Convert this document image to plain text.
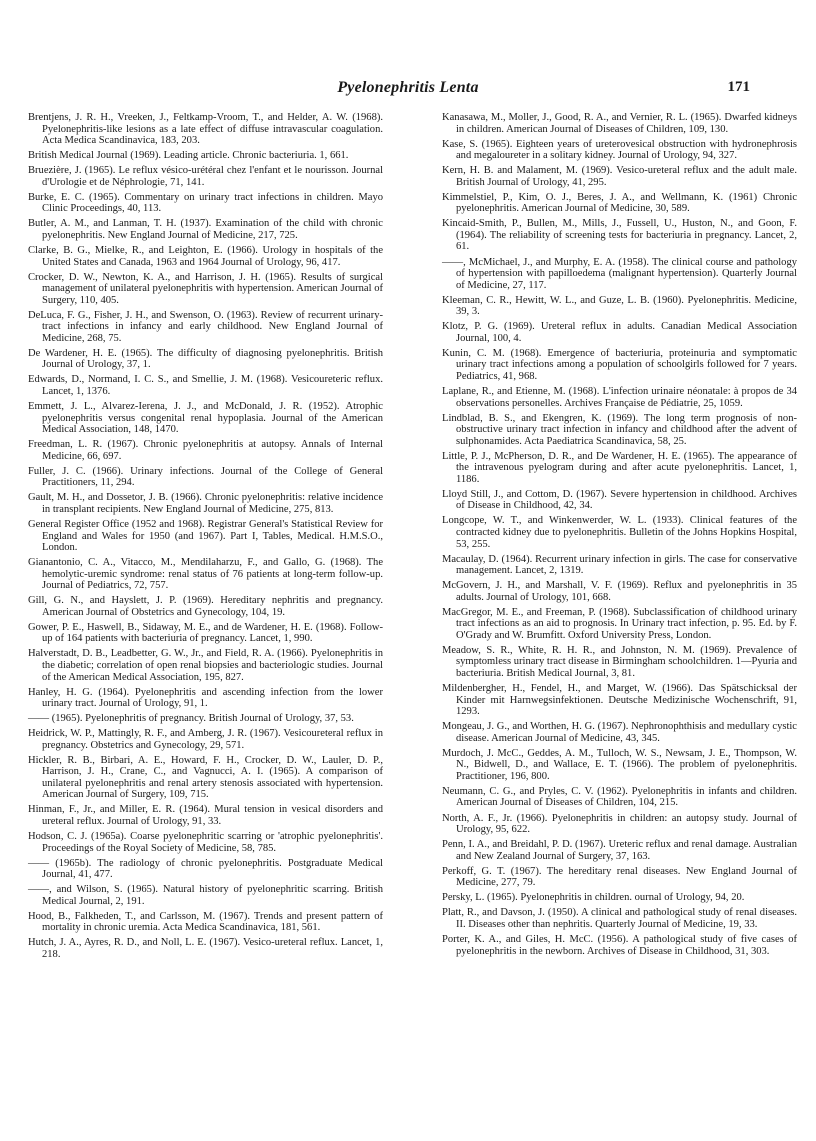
Pyelonephritis Lenta	171

Brentjens, J. R. H., Vreeken, J., Feltkamp-Vroom, T., and Helder, A. W. (1968). Pyelonephritis-like lesions as a late effect of diffuse intravascular coagulation. Acta Medica Scandinavica, 183, 203.

British Medical Journal (1969). Leading article. Chronic bacteriuria. 1, 661.

Bruezière, J. (1965). Le reflux vésico-urétéral chez l'enfant et le nourisson. Journal d'Urologie et de Néphrologie, 71, 141.

Burke, E. C. (1965). Commentary on urinary tract infections in children. Mayo Clinic Proceedings, 40, 113.

Butler, A. M., and Lanman, T. H. (1937). Examination of the child with chronic pyelonephritis. New England Journal of Medicine, 217, 725.

Clarke, B. G., Mielke, R., and Leighton, E. (1966). Urology in hospitals of the United States and Canada, 1963 and 1964 Journal of Urology, 96, 417.

Crocker, D. W., Newton, K. A., and Harrison, J. H. (1965). Results of surgical management of unilateral pyelonephritis with hypertension. American Journal of Surgery, 110, 405.

DeLuca, F. G., Fisher, J. H., and Swenson, O. (1963). Review of recurrent urinary-tract infections in infancy and early childhood. New England Journal of Medicine, 268, 75.

De Wardener, H. E. (1965). The difficulty of diagnosing pyelonephritis. British Journal of Urology, 37, 1.

Edwards, D., Normand, I. C. S., and Smellie, J. M. (1968). Vesicoureteric reflux. Lancet, 1, 1376.

Emmett, J. L., Alvarez-Ierena, J. J., and McDonald, J. R. (1952). Atrophic pyelonephritis versus congenital renal hypoplasia. Journal of the American Medical Association, 148, 1470.

Freedman, L. R. (1967). Chronic pyelonephritis at autopsy. Annals of Internal Medicine, 66, 697.

Fuller, J. C. (1966). Urinary infections. Journal of the College of General Practitioners, 11, 294.

Gault, M. H., and Dossetor, J. B. (1966). Chronic pyelonephritis: relative incidence in transplant recipients. New England Journal of Medicine, 275, 813.

General Register Office (1952 and 1968). Registrar General's Statistical Review for England and Wales for 1950 (and 1967). Part I, Tables, Medical. H.M.S.O., London.

Gianantonio, C. A., Vitacco, M., Mendilaharzu, F., and Gallo, G. (1968). The hemolytic-uremic syndrome: renal status of 76 patients at long-term follow-up. Journal of Pediatrics, 72, 757.

Gill, G. N., and Hayslett, J. P. (1969). Hereditary nephritis and pregnancy. American Journal of Obstetrics and Gynecology, 104, 19.

Gower, P. E., Haswell, B., Sidaway, M. E., and de Wardener, H. E. (1968). Follow-up of 164 patients with bacteriuria of pregnancy. Lancet, 1, 990.

Halverstadt, D. B., Leadbetter, G. W., Jr., and Field, R. A. (1966). Pyelonephritis in the diabetic; correlation of open renal biopsies and bacteriologic studies. Journal of the American Medical Association, 195, 827.

Hanley, H. G. (1964). Pyelonephritis and ascending infection from the lower urinary tract. Journal of Urology, 91, 1.

—— (1965). Pyelonephritis of pregnancy. British Journal of Urology, 37, 53.

Heidrick, W. P., Mattingly, R. F., and Amberg, J. R. (1967). Vesicoureteral reflux in pregnancy. Obstetrics and Gynecology, 29, 571.

Hickler, R. B., Birbari, A. E., Howard, F. H., Crocker, D. W., Lauler, D. P., Harrison, J. H., Crane, C., and Vagnucci, A. I. (1965). A comparison of unilateral pyelonephritis and renal artery stenosis associated with hypertension. American Journal of Surgery, 109, 715.

Hinman, F., Jr., and Miller, E. R. (1964). Mural tension in vesical disorders and ureteral reflux. Journal of Urology, 91, 33.

Hodson, C. J. (1965a). Coarse pyelonephritic scarring or 'atrophic pyelonephritis'. Proceedings of the Royal Society of Medicine, 58, 785.

—— (1965b). The radiology of chronic pyelonephritis. Postgraduate Medical Journal, 41, 477.

——, and Wilson, S. (1965). Natural history of pyelonephritic scarring. British Medical Journal, 2, 191.

Hood, B., Falkheden, T., and Carlsson, M. (1967). Trends and present pattern of mortality in chronic uremia. Acta Medica Scandinavica, 181, 561.

Hutch, J. A., Ayres, R. D., and Noll, L. E. (1967). Vesico-ureteral reflux. Lancet, 1, 218.

Kanasawa, M., Moller, J., Good, R. A., and Vernier, R. L. (1965). Dwarfed kidneys in children. American Journal of Diseases of Children, 109, 130.

Kase, S. (1965). Eighteen years of ureterovesical obstruction with hydronephrosis and megaloureter in a solitary kidney. Journal of Urology, 94, 327.

Kern, H. B. and Malament, M. (1969). Vesico-ureteral reflux and the adult male. British Journal of Urology, 41, 295.

Kimmelstiel, P., Kim, O. J., Beres, J. A., and Wellmann, K. (1961) Chronic pyelonephritis. American Journal of Medicine, 30, 589.

Kincaid-Smith, P., Bullen, M., Mills, J., Fussell, U., Huston, N., and Goon, F. (1964). The reliability of screening tests for bacteriuria in pregnancy. Lancet, 2, 61.

——, McMichael, J., and Murphy, E. A. (1958). The clinical course and pathology of hypertension with papilloedema (malignant hypertension). Quarterly Journal of Medicine, 27, 117.

Kleeman, C. R., Hewitt, W. L., and Guze, L. B. (1960). Pyelonephritis. Medicine, 39, 3.

Klotz, P. G. (1969). Ureteral reflux in adults. Canadian Medical Association Journal, 100, 4.

Kunin, C. M. (1968). Emergence of bacteriuria, proteinuria and symptomatic urinary tract infections among a population of schoolgirls followed for 7 years. Pediatrics, 41, 968.

Laplane, R., and Etienne, M. (1968). L'infection urinaire néonatale: à propos de 34 observations personelles. Archives Française de Pédiatrie, 25, 1059.

Lindblad, B. S., and Ekengren, K. (1969). The long term prognosis of non-obstructive urinary tract infection in infancy and childhood after the advent of sulphonamides. Acta Paediatrica Scandinavica, 58, 25.

Little, P. J., McPherson, D. R., and De Wardener, H. E. (1965). The appearance of the intravenous pyelogram during and after acute pyelonephritis. Lancet, 1, 1186.

Lloyd Still, J., and Cottom, D. (1967). Severe hypertension in childhood. Archives of Disease in Childhood, 42, 34.

Longcope, W. T., and Winkenwerder, W. L. (1933). Clinical features of the contracted kidney due to pyelonephritis. Bulletin of the Johns Hopkins Hospital, 53, 255.

Macaulay, D. (1964). Recurrent urinary infection in girls. The case for conservative management. Lancet, 2, 1319.

McGovern, J. H., and Marshall, V. F. (1969). Reflux and pyelonephritis in 35 adults. Journal of Urology, 101, 668.

MacGregor, M. E., and Freeman, P. (1968). Subclassification of childhood urinary tract infections as an aid to prognosis. In Urinary tract infection, p. 95. Ed. by F. O'Grady and W. Brumfitt. Oxford University Press, London.

Meadow, S. R., White, R. H. R., and Johnston, N. M. (1969). Prevalence of symptomless urinary tract disease in Birmingham schoolchildren. 1—Pyuria and bacteriuria. British Medical Journal, 3, 81.

Mildenbergher, H., Fendel, H., and Marget, W. (1966). Das Spätschicksal der Kinder mit Harnwegsinfektionen. Deutsche Medizinische Wochenschrift, 91, 1293.

Mongeau, J. G., and Worthen, H. G. (1967). Nephronophthisis and medullary cystic disease. American Journal of Medicine, 43, 345.

Murdoch, J. McC., Geddes, A. M., Tulloch, W. S., Newsam, J. E., Thompson, W. N., Bidwell, D., and Wallace, E. T. (1966). The problem of pyelonephritis. Practitioner, 196, 800.

Neumann, C. G., and Pryles, C. V. (1962). Pyelonephritis in infants and children. American Journal of Diseases of Children, 104, 215.

North, A. F., Jr. (1966). Pyelonephritis in children: an autopsy study. Journal of Urology, 95, 622.

Penn, I. A., and Breidahl, P. D. (1967). Ureteric reflux and renal damage. Australian and New Zealand Journal of Surgery, 37, 163.

Perkoff, G. T. (1967). The hereditary renal diseases. New England Journal of Medicine, 277, 79.

Persky, L. (1965). Pyelonephritis in children. ournal of Urology, 94, 20.

Platt, R., and Davson, J. (1950). A clinical and pathological study of renal diseases. II. Diseases other than nephritis. Quarterly Journal of Medicine, 19, 33.

Porter, K. A., and Giles, H. McC. (1956). A pathological study of five cases of pyelonephritis in the newborn. Archives of Disease in Childhood, 31, 303.
